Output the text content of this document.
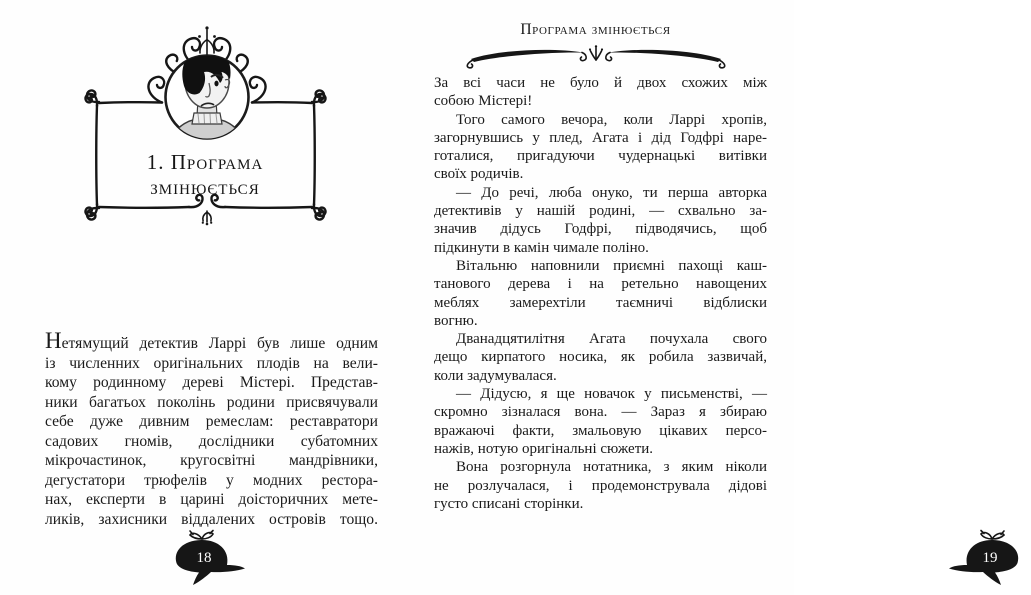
1. Програма
змінюється
Нетямущий детектив Ларрі був лише одним
із численних оригінальних плодів на вели-
кому родинному дереві Містері. Представ-
ники багатьох поколінь родини присвячували
себе дуже дивним ремеслам: реставратори
садових гномів, дослідники субатомних
мікрочастинок, кругосвітні мандрівники,
дегустатори трюфелів у модних рестора-
нах, експерти в царині доісторичних мете-
ликів, захисники віддалених островів тощо.
18
Програма змінюється
За всі часи не було й двох схожих між
собою Містері!
Того самого вечора, коли Ларрі хропів,
загорнувшись у плед, Агата і дід Годфрі наре-
готалися, пригадуючи чудернацькі витівки
своїх родичів.
— До речі, люба онуко, ти перша авторка
детективів у нашій родині, — схвально за-
значив дідусь Годфрі, підводячись, щоб
підкинути в камін чимале поліно.
Вітальню наповнили приємні пахощі каш-
танового дерева і на ретельно навощених
меблях замерехтіли таємничі відблиски
вогню.
Дванадцятилітня Агата почухала свого
дещо кирпатого носика, як робила зазвичай,
коли задумувалася.
— Дідусю, я ще новачок у письменстві, —
скромно зізналася вона. — Зараз я збираю
вражаючі факти, змальовую цікавих персо-
нажів, нотую оригінальні сюжети.
Вона розгорнула нотатника, з яким ніколи
не розлучалася, і продемонструвала дідові
густо списані сторінки.
19
